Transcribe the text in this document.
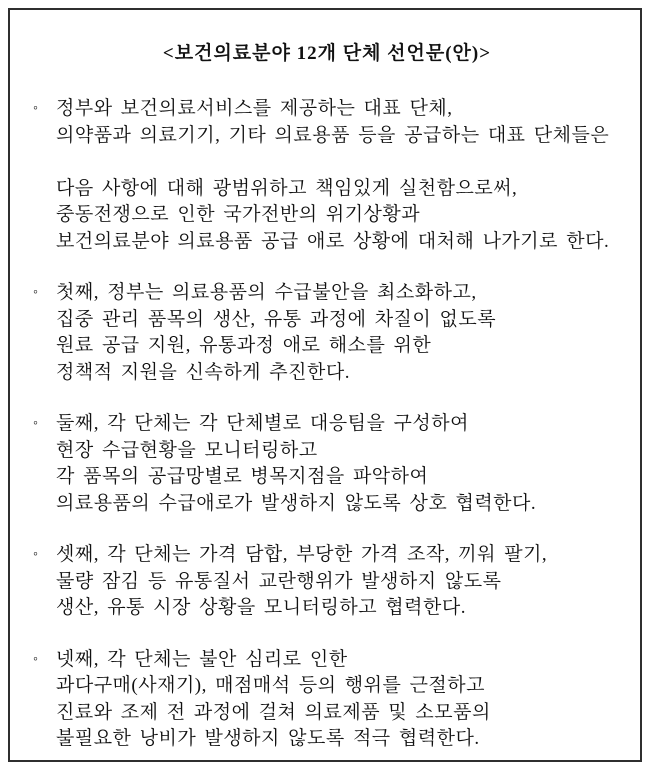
<보건의료분야 12개 단체 선언문(안)>
◦ 정부와 보건의료서비스를 제공하는 대표 단체,
의약품과 의료기기, 기타 의료용품 등을 공급하는 대표 단체들은
다음 사항에 대해 광범위하고 책임있게 실천함으로써,
중동전쟁으로 인한 국가전반의 위기상황과
보건의료분야 의료용품 공급 애로 상황에 대처해 나가기로 한다.
◦ 첫째, 정부는 의료용품의 수급불안을 최소화하고,
집중 관리 품목의 생산, 유통 과정에 차질이 없도록
원료 공급 지원, 유통과정 애로 해소를 위한
정책적 지원을 신속하게 추진한다.
◦ 둘째, 각 단체는 각 단체별로 대응팀을 구성하여
현장 수급현황을 모니터링하고
각 품목의 공급망별로 병목지점을 파악하여
의료용품의 수급애로가 발생하지 않도록 상호 협력한다.
◦ 셋째, 각 단체는 가격 담합, 부당한 가격 조작, 끼워 팔기,
물량 잠김 등 유통질서 교란행위가 발생하지 않도록
생산, 유통 시장 상황을 모니터링하고 협력한다.
◦ 넷째, 각 단체는 불안 심리로 인한
과다구매(사재기), 매점매석 등의 행위를 근절하고
진료와 조제 전 과정에 걸쳐 의료제품 및 소모품의
불필요한 낭비가 발생하지 않도록 적극 협력한다.
